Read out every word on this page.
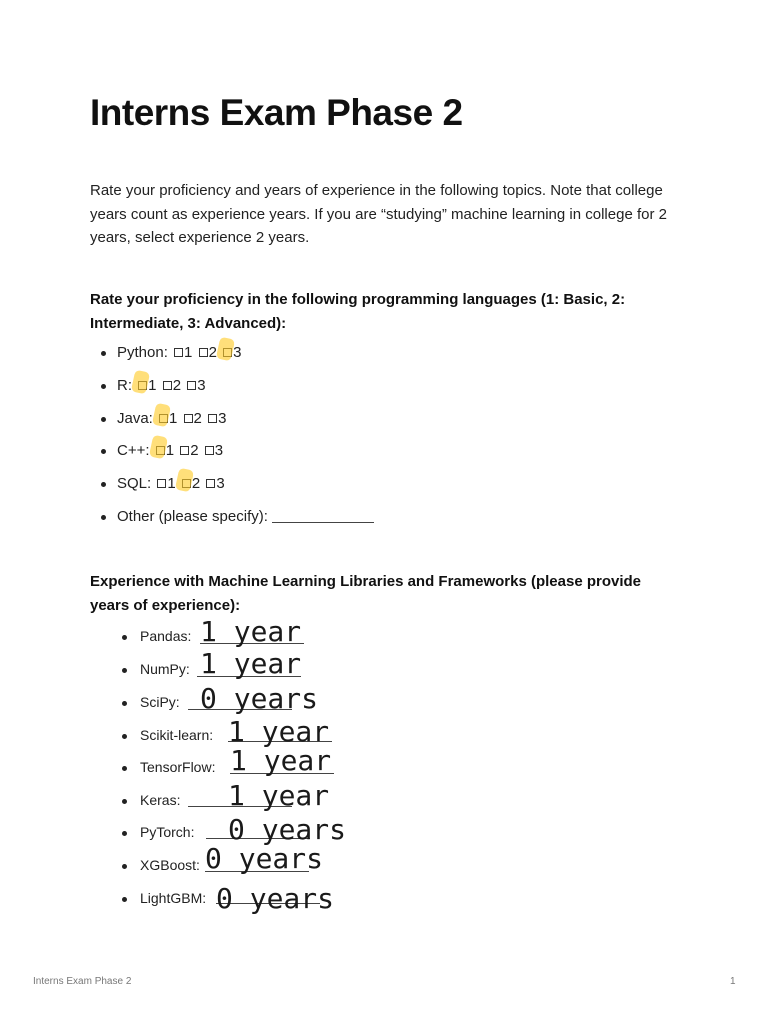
Interns Exam Phase 2

Rate your proficiency and years of experience in the following topics. Note that college years count as experience years. If you are “studying” machine learning in college for 2 years, select experience 2 years.

Rate your proficiency in the following programming languages (1: Basic, 2: Intermediate, 3: Advanced):

Python: 1 2 3
R: 1 2 3
Java: 1 2 3
C++: 1 2 3
SQL: 1 2 3
Other (please specify):

Experience with Machine Learning Libraries and Frameworks (please provide years of experience):

Pandas:
NumPy:
SciPy:
Scikit-learn:
TensorFlow:
Keras:
PyTorch:
XGBoost:
LightGBM:
1 year
1 year
0 years
1 year
1 year
1 year
0 years
0 years
0 years
Interns Exam Phase 2	1
